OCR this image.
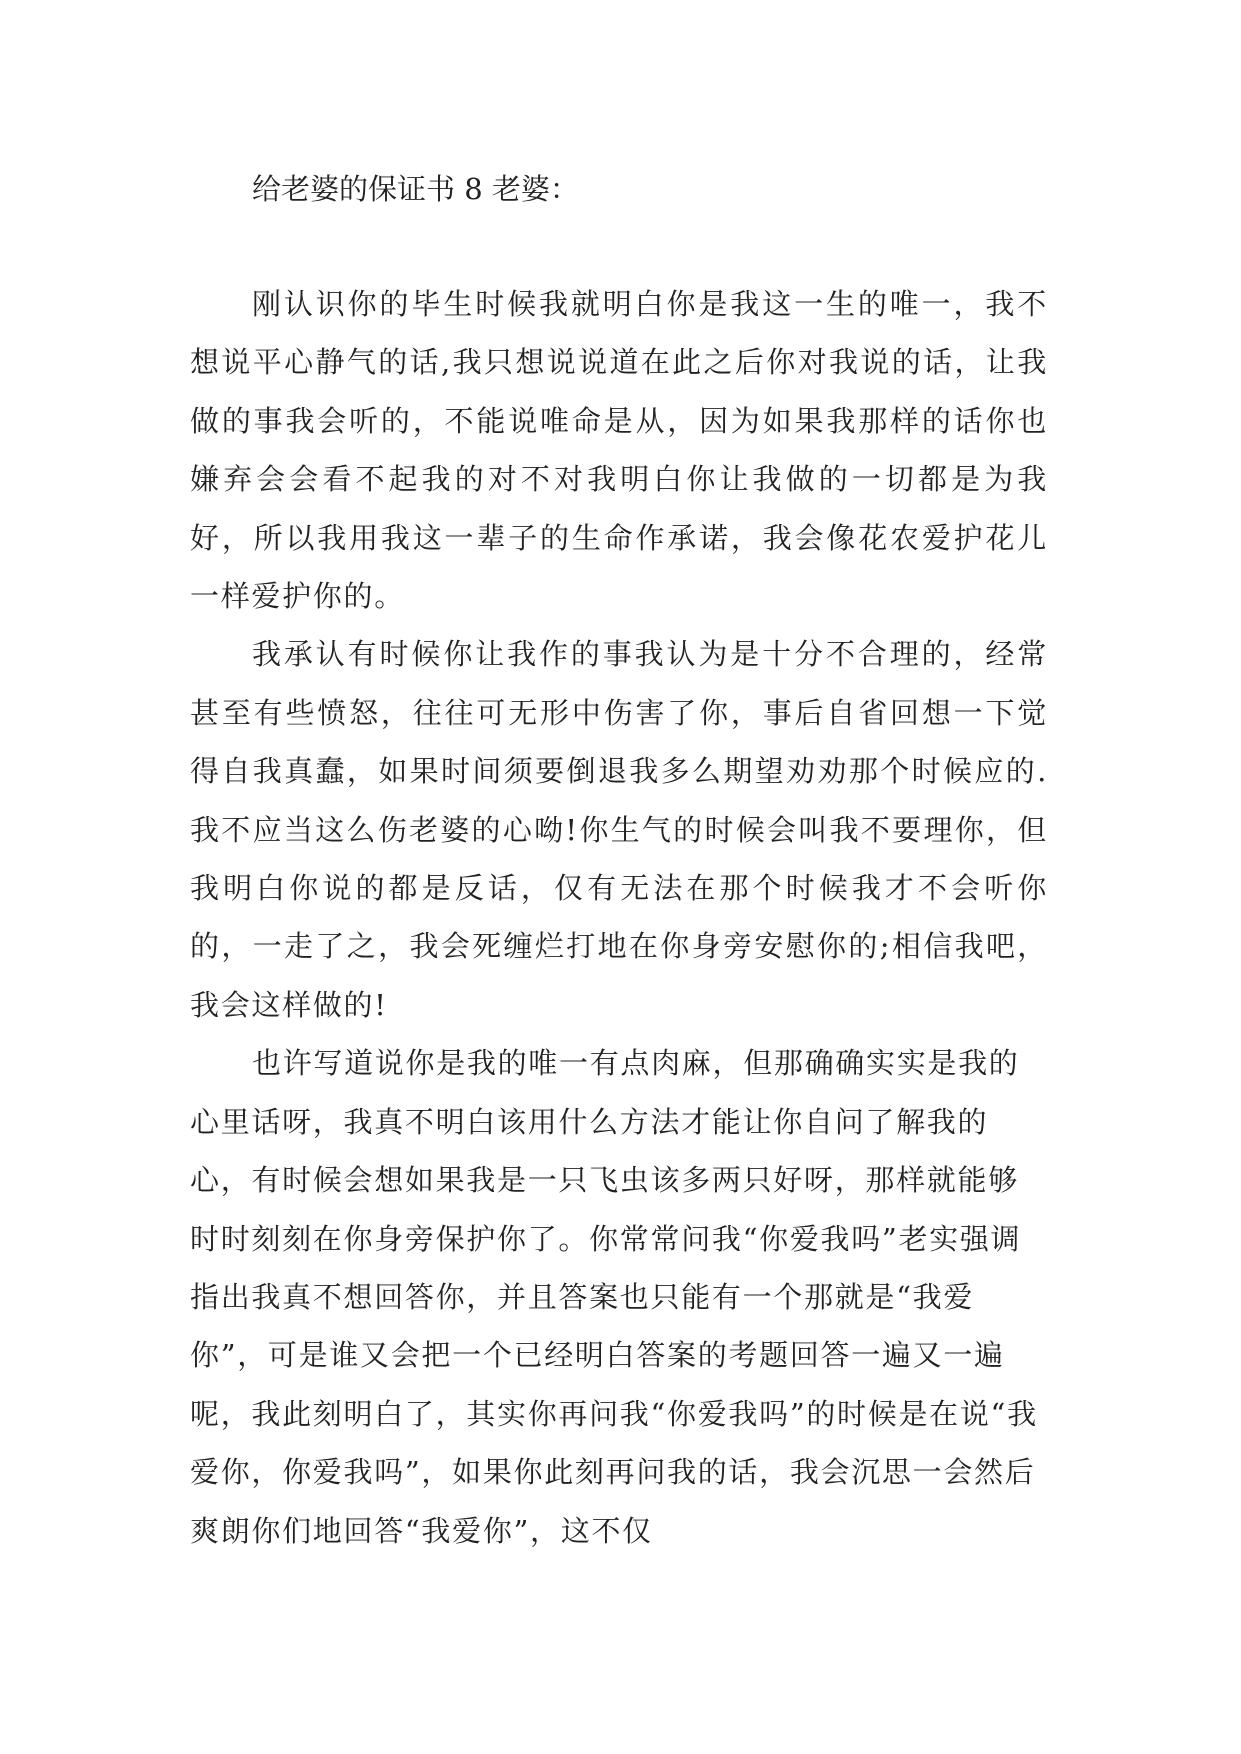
给老婆的保证书 8 老婆：

刚认识你的毕生时候我就明白你是我这一生的唯一，我不想说平心静气的话,我只想说说道在此之后你对我说的话，让我做的事我会听的，不能说唯命是从，因为如果我那样的话你也嫌弃会会看不起我的对不对我明白你让我做的一切都是为我好，所以我用我这一辈子的生命作承诺，我会像花农爱护花儿一样爱护你的。

我承认有时候你让我作的事我认为是十分不合理的，经常甚至有些愤怒，往往可无形中伤害了你，事后自省回想一下觉得自我真蠢，如果时间须要倒退我多么期望劝劝那个时候应的.我不应当这么伤老婆的心呦!你生气的时候会叫我不要理你，但我明白你说的都是反话，仅有无法在那个时候我才不会听你的，一走了之，我会死缠烂打地在你身旁安慰你的;相信我吧，我会这样做的!

也许写道说你是我的唯一有点肉麻，但那确确实实是我的心里话呀，我真不明白该用什么方法才能让你自问了解我的心，有时候会想如果我是一只飞虫该多两只好呀，那样就能够时时刻刻在你身旁保护你了。你常常问我“你爱我吗”老实强调指出我真不想回答你，并且答案也只能有一个那就是“我爱你”，可是谁又会把一个已经明白答案的考题回答一遍又一遍呢，我此刻明白了，其实你再问我“你爱我吗”的时候是在说“我爱你，你爱我吗”，如果你此刻再问我的话，我会沉思一会然后爽朗你们地回答“我爱你”，这不仅
